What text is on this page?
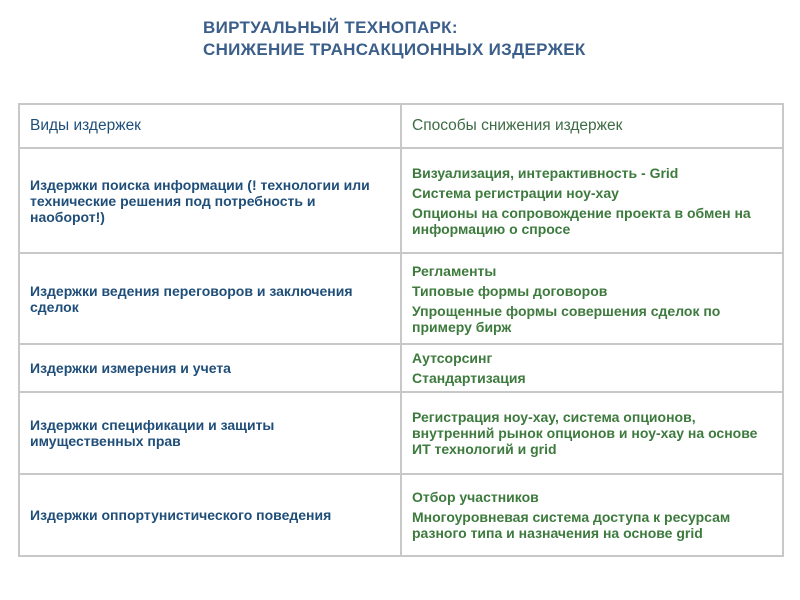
ВИРТУАЛЬНЫЙ ТЕХНОПАРК:
СНИЖЕНИЕ ТРАНСАКЦИОННЫХ ИЗДЕРЖЕК
Виды издержек	Способы снижения издержек

Издержки поиска информации (! технологии или технические решения под потребность и наоборот!)	Визуализация, интерактивность - Grid
Система регистрации ноу-хау
Опционы на сопровождение проекта в обмен на информацию о спросе

Издержки ведения переговоров и заключения сделок	Регламенты
Типовые формы договоров
Упрощенные формы совершения сделок по примеру бирж

Издержки измерения и учета	Аутсорсинг
Стандартизация

Издержки спецификации и защиты имущественных прав	Регистрация ноу-хау, система опционов, внутренний рынок опционов и ноу-хау на основе ИТ технологий и grid

Издержки оппортунистического поведения	Отбор участников
Многоуровневая система доступа к ресурсам разного типа и назначения на основе grid
